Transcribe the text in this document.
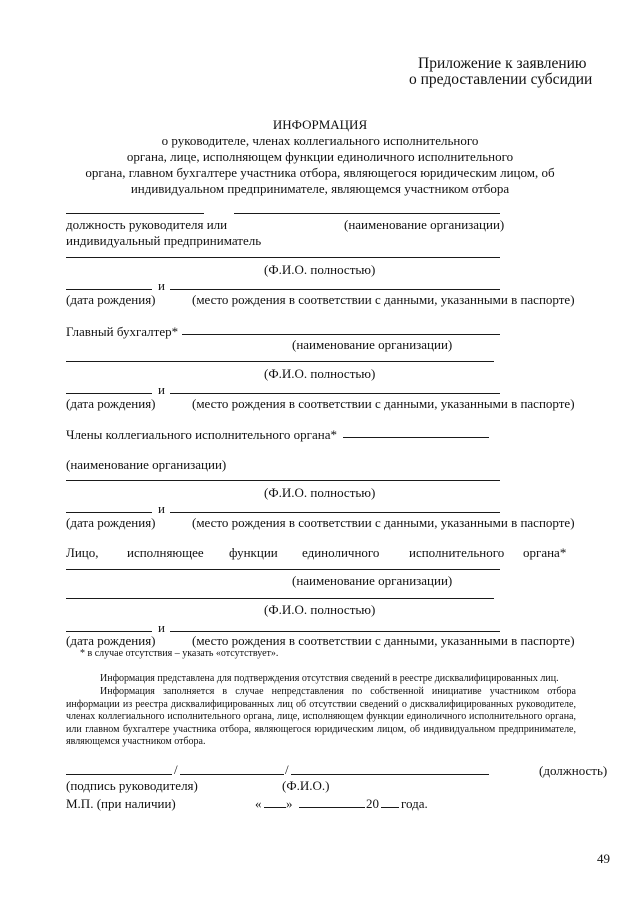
Приложение к заявлению
о предоставлении субсидии
ИНФОРМАЦИЯ
о руководителе, членах коллегиального исполнительного
органа, лице, исполняющем функции единоличного исполнительного
органа, главном бухгалтере участника отбора, являющегося юридическим лицом, об
индивидуальном предпринимателе, являющемся участником отбора
должность руководителя или	(наименование организации)
индивидуальный предприниматель
(Ф.И.О. полностью)
и
(дата рождения)	(место рождения в соответствии с данными, указанными в паспорте)
Главный бухгалтер*
(наименование организации)
(Ф.И.О. полностью)
и
(дата рождения)	(место рождения в соответствии с данными, указанными в паспорте)
Члены коллегиального исполнительного органа*
(наименование организации)
(Ф.И.О. полностью)
и
(дата рождения)	(место рождения в соответствии с данными, указанными в паспорте)
Лицо, исполняющее функции единоличного исполнительного органа*
(наименование организации)
(Ф.И.О. полностью)
и
(дата рождения)	(место рождения в соответствии с данными, указанными в паспорте)
* в случае отсутствия – указать «отсутствует».
Информация представлена для подтверждения отсутствия сведений в реестре дисквалифицированных лиц.
Информация заполняется в случае непредставления по собственной инициативе участником отбора информации из реестра дисквалифицированных лиц об отсутствии сведений о дисквалифицированных руководителе, членах коллегиального исполнительного органа, лице, исполняющем функции единоличного исполнительного органа, или главном бухгалтере участника отбора, являющегося юридическим лицом, об индивидуальном предпринимателе, являющемся участником отбора.
/	/	(должность)
(подпись руководителя)	(Ф.И.О.)
М.П. (при наличии)	« »	20 года.
49
